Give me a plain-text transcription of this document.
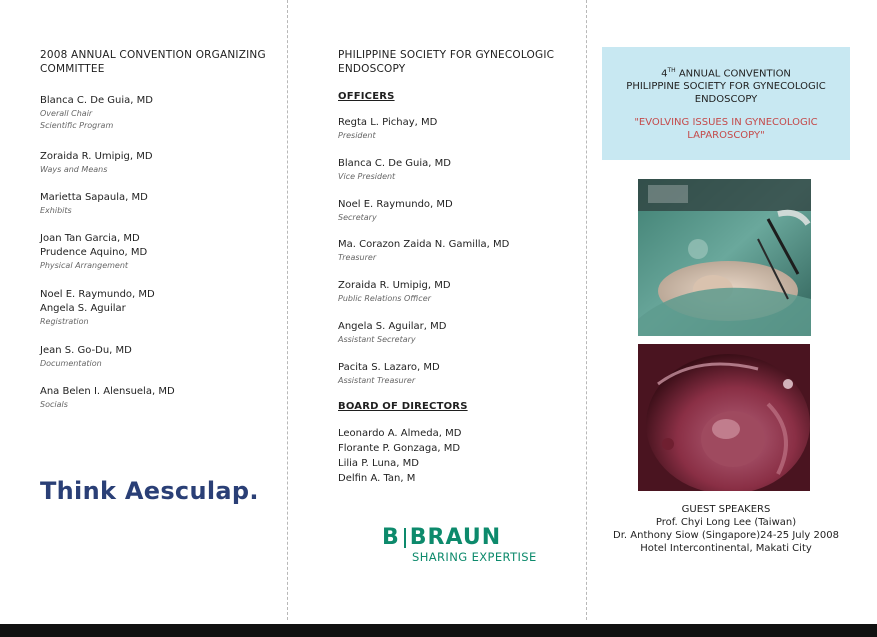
2008 ANNUAL CONVENTION ORGANIZING
COMMITTEE
Blanca C. De Guia, MD
Overall Chair
Scientific Program
Zoraida R. Umipig, MD
Ways and Means
Marietta Sapaula, MD
Exhibits
Joan Tan Garcia, MD
Prudence Aquino, MD
Physical Arrangement
Noel E. Raymundo, MD
Angela S. Aguilar
Registration
Jean S. Go-Du, MD
Documentation
Ana Belen I. Alensuela, MD
Socials
Think Aesculap.
PHILIPPINE SOCIETY FOR GYNECOLOGIC
ENDOSCOPY
OFFICERS
Regta L. Pichay, MD
President
Blanca C. De Guia, MD
Vice President
Noel E. Raymundo, MD
Secretary
Ma. Corazon Zaida N. Gamilla, MD
Treasurer
Zoraida R. Umipig, MD
Public Relations Officer
Angela S. Aguilar, MD
Assistant Secretary
Pacita S. Lazaro, MD
Assistant Treasurer
BOARD OF DIRECTORS
Leonardo A. Almeda, MD
Florante P. Gonzaga, MD
Lilia P. Luna, MD
Delfin A. Tan, M
B BRAUN
SHARING EXPERTISE
4TH ANNUAL CONVENTION
PHILIPPINE SOCIETY FOR GYNECOLOGIC
ENDOSCOPY
"EVOLVING ISSUES IN GYNECOLOGIC
LAPAROSCOPY"
GUEST SPEAKERS
Prof. Chyi Long Lee (Taiwan)
Dr. Anthony Siow (Singapore)24-25 July 2008
Hotel Intercontinental, Makati City
